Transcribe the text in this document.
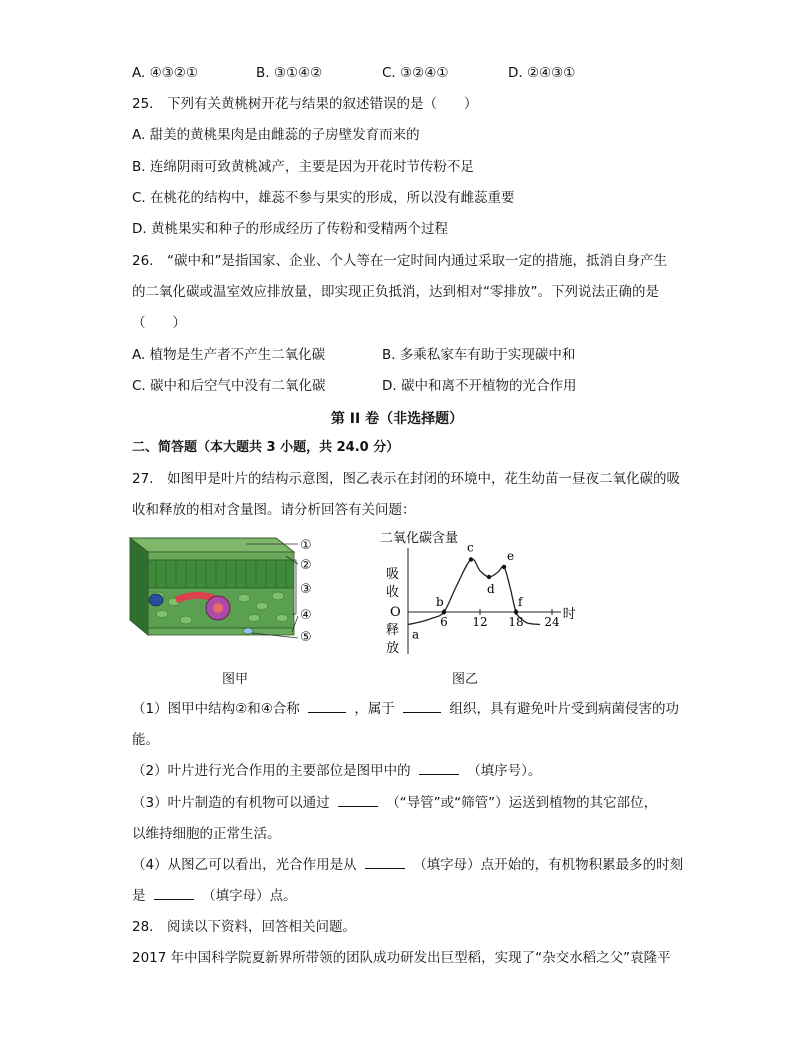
A. ④③②①	B. ③①④②	C. ③②④①	D. ②④③①
25.　下列有关黄桃树开花与结果的叙述错误的是（　　）
A. 甜美的黄桃果肉是由雌蕊的子房壁发育而来的
B. 连绵阴雨可致黄桃减产，主要是因为开花时节传粉不足
C. 在桃花的结构中，雄蕊不参与果实的形成，所以没有雌蕊重要
D. 黄桃果实和种子的形成经历了传粉和受精两个过程
26.　“碳中和”是指国家、企业、个人等在一定时间内通过采取一定的措施，抵消自身产生
的二氧化碳或温室效应排放量，即实现正负抵消，达到相对“零排放”。下列说法正确的是
（　　）
A. 植物是生产者不产生二氧化碳	B. 多乘私家车有助于实现碳中和
C. 碳中和后空气中没有二氧化碳	D. 碳中和离不开植物的光合作用
第 II 卷（非选择题）
二、简答题（本大题共 3 小题，共 24.0 分）
27.　如图甲是叶片的结构示意图，图乙表示在封闭的环境中，花生幼苗一昼夜二氧化碳的吸
收和释放的相对含量图。请分析回答有关问题：
①
②
③
④
⑤
图甲
二氧化碳含量
吸
收
O
释
放
6 12 18 24 时
a
b
c
d
e
f
图乙
（1）图甲中结构②和④合称	，属于	组织，具有避免叶片受到病菌侵害的功
能。
（2）叶片进行光合作用的主要部位是图甲中的	（填序号）。
（3）叶片制造的有机物可以通过	（“导管”或“筛管”）运送到植物的其它部位，
以维持细胞的正常生活。
（4）从图乙可以看出，光合作用是从	（填字母）点开始的，有机物积累最多的时刻
是	（填字母）点。
28.　阅读以下资料，回答相关问题。
2017 年中国科学院夏新界所带领的团队成功研发出巨型稻，实现了“杂交水稻之父”袁隆平
